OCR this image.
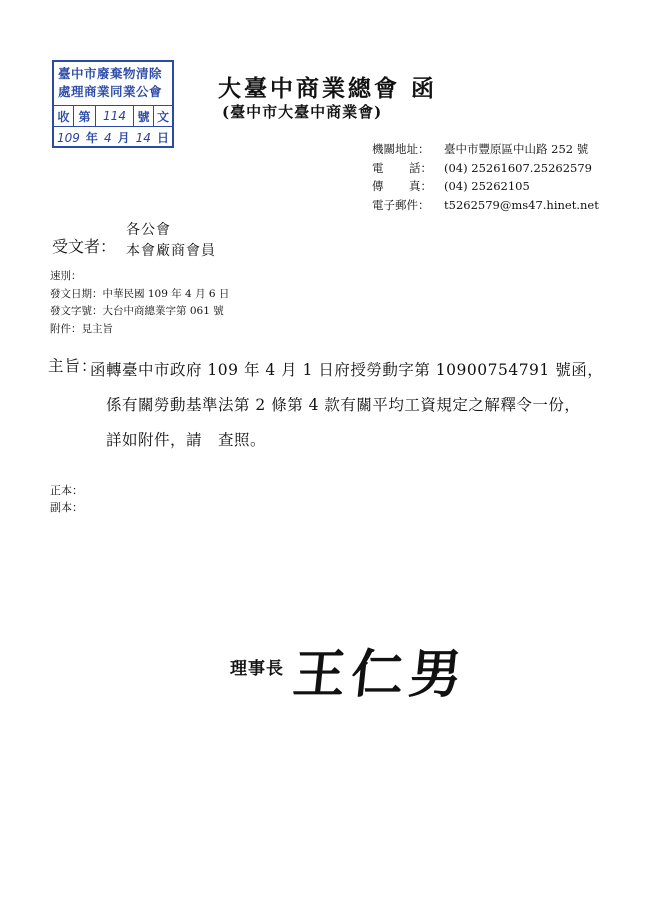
臺中市廢棄物清除
處理商業同業公會
收 第	114 號 文
109 年 4 月 14 日
大臺中商業總會 函
(臺中市大臺中商業會)
機關地址：	臺中市豐原區中山路 252 號
電 話： (04) 25261607.25262579
傳 真： (04) 25262105
電子郵件：	t5262579@ms47.hinet.net
受文者：
各公會
本會廠商會員
速別：
發文日期：中華民國 109 年 4 月 6 日
發文字號：大台中商總業字第 061 號
附件：見主旨
主旨：
函轉臺中市政府 109 年 4 月 1 日府授勞動字第 10900754791 號函，
係有關勞動基準法第 2 條第 4 款有關平均工資規定之解釋令一份，
詳如附件，請　查照。
正本：
副本：
理事長 王仁男
